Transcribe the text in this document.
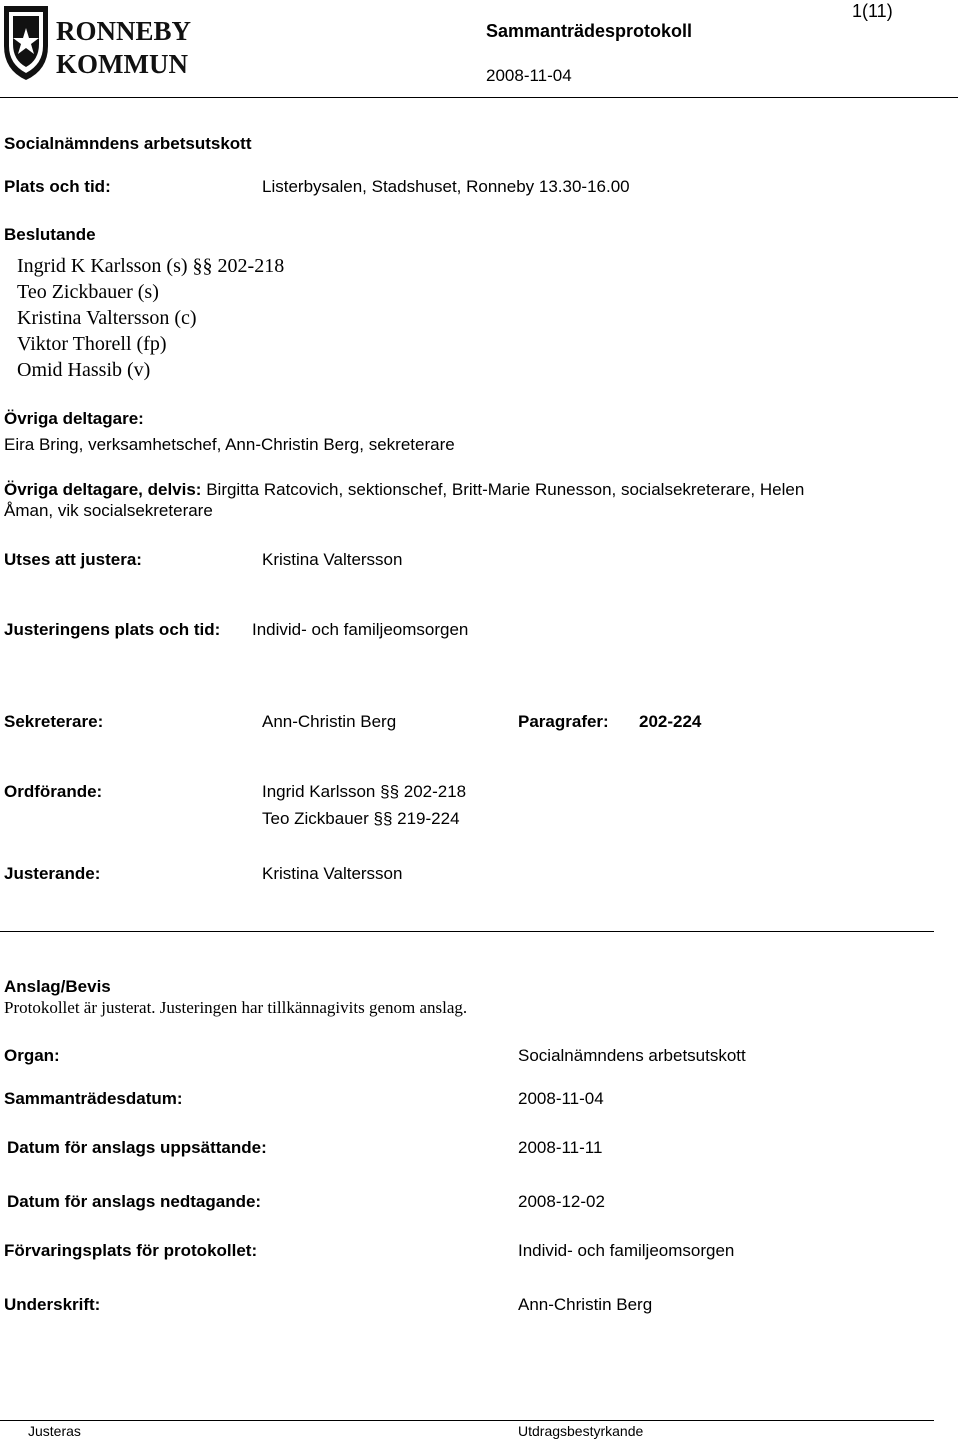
RONNEBY
KOMMUN
Sammanträdesprotokoll
2008-11-04
1(11)
Socialnämndens arbetsutskott
Plats och tid:	Listerbysalen, Stadshuset, Ronneby 13.30-16.00
Beslutande
Ingrid K Karlsson (s) §§ 202-218
Teo Zickbauer (s)
Kristina Valtersson (c)
Viktor Thorell (fp)
Omid Hassib (v)
Övriga deltagare:
Eira Bring, verksamhetschef, Ann-Christin Berg, sekreterare
Övriga deltagare, delvis: Birgitta Ratcovich, sektionschef, Britt-Marie Runesson, socialsekreterare, Helen
Åman, vik socialsekreterare
Utses att justera:	Kristina Valtersson
Justeringens plats och tid: Individ- och familjeomsorgen
Sekreterare:	Ann-Christin Berg	Paragrafer: 202-224
Ordförande:	Ingrid Karlsson §§ 202-218
Teo Zickbauer §§ 219-224
Justerande:	Kristina Valtersson
Anslag/Bevis
Protokollet är justerat. Justeringen har tillkännagivits genom anslag.
Organ:	Socialnämndens arbetsutskott
Sammanträdesdatum:	2008-11-04
Datum för anslags uppsättande:	2008-11-11
Datum för anslags nedtagande:	2008-12-02
Förvaringsplats för protokollet:	Individ- och familjeomsorgen
Underskrift:	Ann-Christin Berg
Justeras	Utdragsbestyrkande
